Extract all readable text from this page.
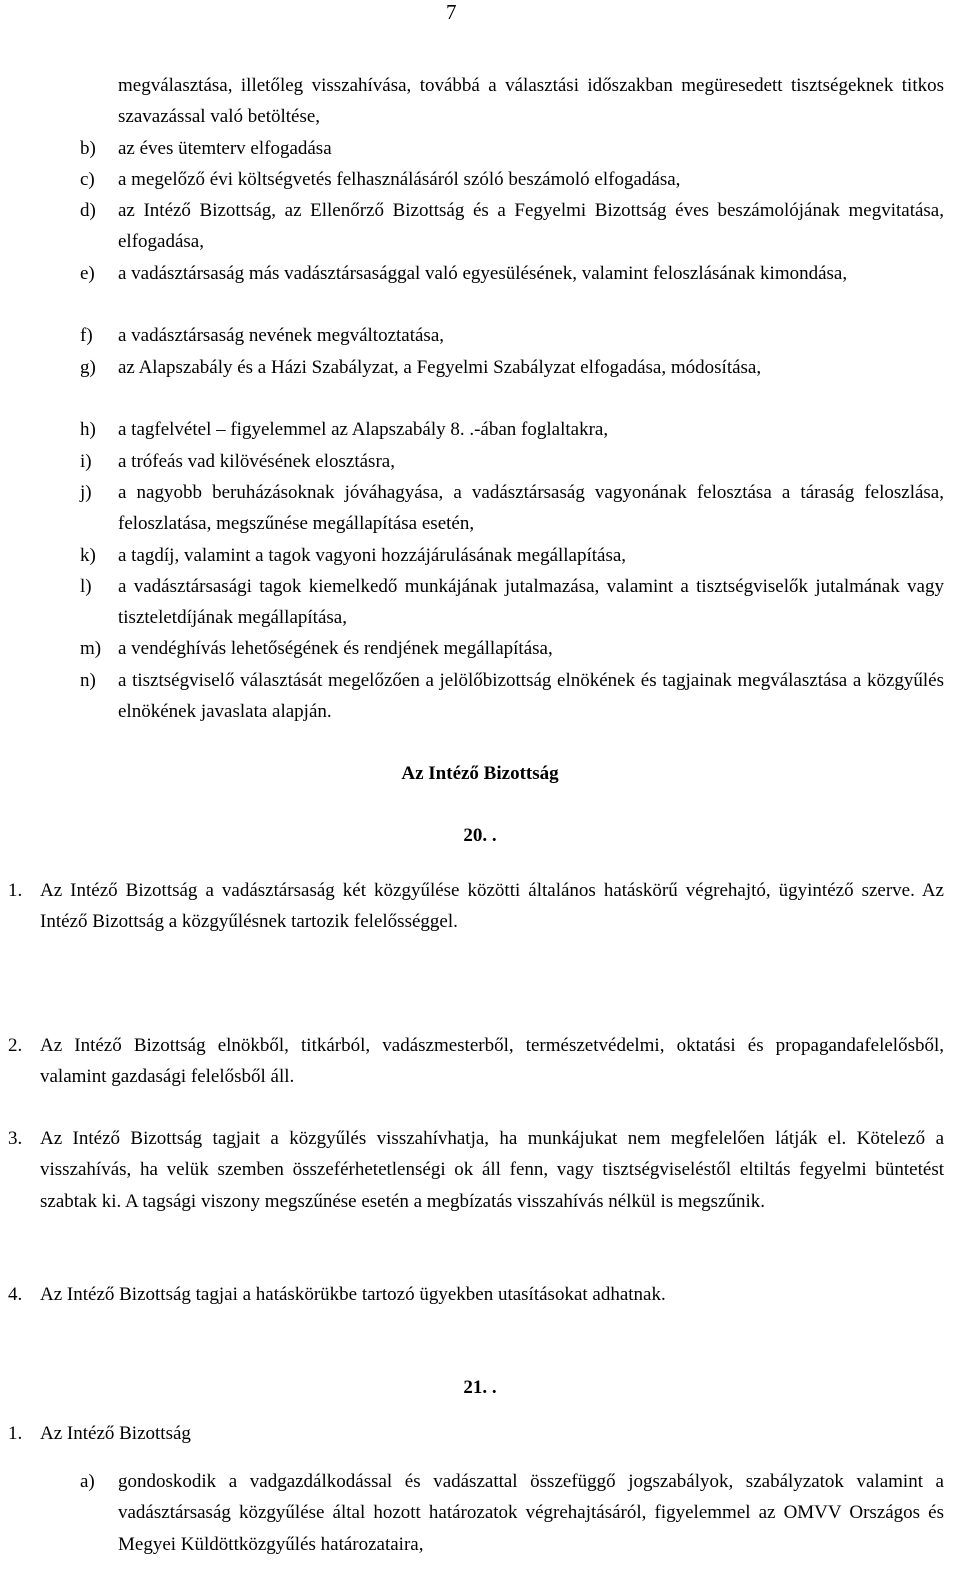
7

megválasztása, illetőleg visszahívása, továbbá a választási időszakban megüresedett tisztségeknek titkos szavazással való betöltése,

b) az éves ütemterv elfogadása
c) a megelőző évi költségvetés felhasználásáról szóló beszámoló elfogadása,
d) az Intéző Bizottság, az Ellenőrző Bizottság és a Fegyelmi Bizottság éves beszámolójának megvitatása, elfogadása,
e) a vadásztársaság más vadásztársasággal való egyesülésének, valamint feloszlásának kimondása,
f) a vadásztársaság nevének megváltoztatása,
g) az Alapszabály és a Házi Szabályzat, a Fegyelmi Szabályzat elfogadása, módosítása,
h) a tagfelvétel – figyelemmel az Alapszabály 8. .-ában foglaltakra,
i) a trófeás vad kilövésének elosztásra,
j) a nagyobb beruházásoknak jóváhagyása, a vadásztársaság vagyonának felosztása a táraság feloszlása, feloszlatása, megszűnése megállapítása esetén,
k) a tagdíj, valamint a tagok vagyoni hozzájárulásának megállapítása,
l) a vadásztársasági tagok kiemelkedő munkájának jutalmazása, valamint a tisztségviselők jutalmának vagy tiszteletdíjának megállapítása,
m) a vendéghívás lehetőségének és rendjének megállapítása,
n) a tisztségviselő választását megelőzően a jelölőbizottság elnökének és tagjainak megválasztása a közgyűlés elnökének javaslata alapján.
Az Intéző Bizottság
20. .
1. Az Intéző Bizottság a vadásztársaság két közgyűlése közötti általános hatáskörű végrehajtó, ügyintéző szerve. Az Intéző Bizottság a közgyűlésnek tartozik felelősséggel.
2. Az Intéző Bizottság elnökből, titkárból, vadászmesterből, természetvédelmi, oktatási és propagandafelelősből, valamint gazdasági felelősből áll.
3. Az Intéző Bizottság tagjait a közgyűlés visszahívhatja, ha munkájukat nem megfelelően látják el. Kötelező a visszahívás, ha velük szemben összeférhetetlenségi ok áll fenn, vagy tisztségviseléstől eltiltás fegyelmi büntetést szabtak ki. A tagsági viszony megszűnése esetén a megbízatás visszahívás nélkül is megszűnik.
4. Az Intéző Bizottság tagjai a hatáskörükbe tartozó ügyekben utasításokat adhatnak.
21. .
1. Az Intéző Bizottság
a) gondoskodik a vadgazdálkodással és vadászattal összefüggő jogszabályok, szabályzatok valamint a vadásztársaság közgyűlése által hozott határozatok végrehajtásáról, figyelemmel az OMVV Országos és Megyei Küldöttközgyűlés határozataira,
